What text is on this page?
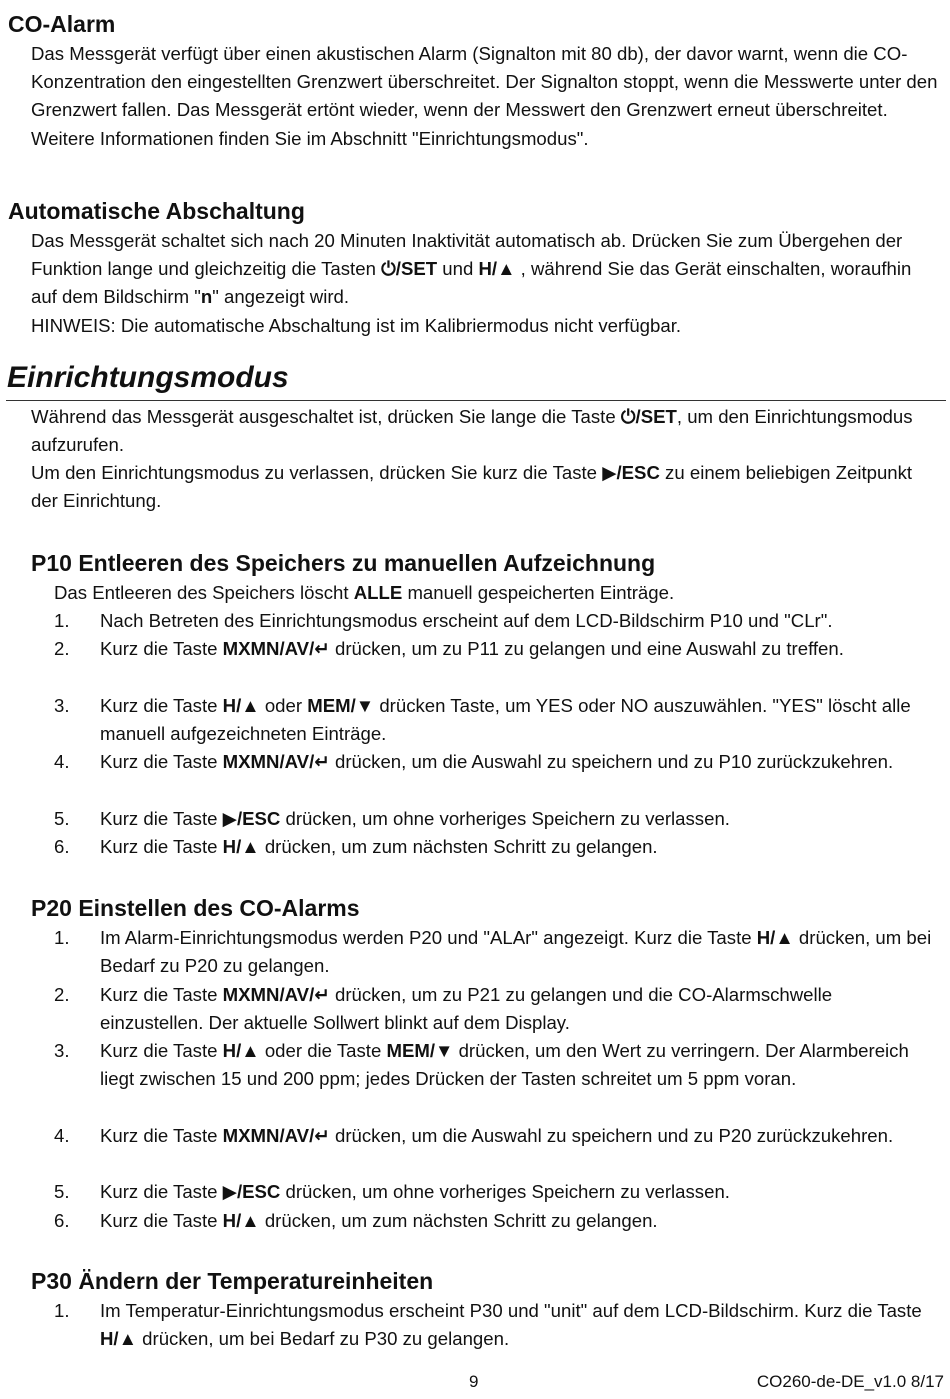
CO-Alarm

Das Messgerät verfügt über einen akustischen Alarm (Signalton mit 80 db), der davor warnt, wenn die CO-Konzentration den eingestellten Grenzwert überschreitet. Der Signalton stoppt, wenn die Messwerte unter den Grenzwert fallen. Das Messgerät ertönt wieder, wenn der Messwert den Grenzwert erneut überschreitet. Weitere Informationen finden Sie im Abschnitt "Einrichtungsmodus".

Automatische Abschaltung

Das Messgerät schaltet sich nach 20 Minuten Inaktivität automatisch ab. Drücken Sie zum Übergehen der Funktion lange und gleichzeitig die Tasten ⏻/SET und H/▲ , während Sie das Gerät einschalten, woraufhin auf dem Bildschirm "n" angezeigt wird.

HINWEIS: Die automatische Abschaltung ist im Kalibriermodus nicht verfügbar.

Einrichtungsmodus

Während das Messgerät ausgeschaltet ist, drücken Sie lange die Taste ⏻/SET, um den Einrichtungsmodus aufzurufen.

Um den Einrichtungsmodus zu verlassen, drücken Sie kurz die Taste ▶/ESC zu einem beliebigen Zeitpunkt der Einrichtung.

P10 Entleeren des Speichers zu manuellen Aufzeichnung

Das Entleeren des Speichers löscht ALLE manuell gespeicherten Einträge.

1. Nach Betreten des Einrichtungsmodus erscheint auf dem LCD-Bildschirm P10 und "CLr".
2. Kurz die Taste MXMN/AV/↵ drücken, um zu P11 zu gelangen und eine Auswahl zu treffen.
3. Kurz die Taste H/▲ oder MEM/▼ drücken Taste, um YES oder NO auszuwählen. "YES" löscht alle manuell aufgezeichneten Einträge.
4. Kurz die Taste MXMN/AV/↵ drücken, um die Auswahl zu speichern und zu P10 zurückzukehren.
5. Kurz die Taste ▶/ESC drücken, um ohne vorheriges Speichern zu verlassen.
6. Kurz die Taste H/▲ drücken, um zum nächsten Schritt zu gelangen.
P20 Einstellen des CO-Alarms
1. Im Alarm-Einrichtungsmodus werden P20 und "ALAr" angezeigt. Kurz die Taste H/▲ drücken, um bei Bedarf zu P20 zu gelangen.
2. Kurz die Taste MXMN/AV/↵ drücken, um zu P21 zu gelangen und die CO-Alarmschwelle einzustellen. Der aktuelle Sollwert blinkt auf dem Display.
3. Kurz die Taste H/▲ oder die Taste MEM/▼ drücken, um den Wert zu verringern. Der Alarmbereich liegt zwischen 15 und 200 ppm; jedes Drücken der Tasten schreitet um 5 ppm voran.
4. Kurz die Taste MXMN/AV/↵ drücken, um die Auswahl zu speichern und zu P20 zurückzukehren.
5. Kurz die Taste ▶/ESC drücken, um ohne vorheriges Speichern zu verlassen.
6. Kurz die Taste H/▲ drücken, um zum nächsten Schritt zu gelangen.
P30 Ändern der Temperatureinheiten
1. Im Temperatur-Einrichtungsmodus erscheint P30 und "unit" auf dem LCD-Bildschirm. Kurz die Taste H/▲ drücken, um bei Bedarf zu P30 zu gelangen.
9	CO260-de-DE_v1.0 8/17
